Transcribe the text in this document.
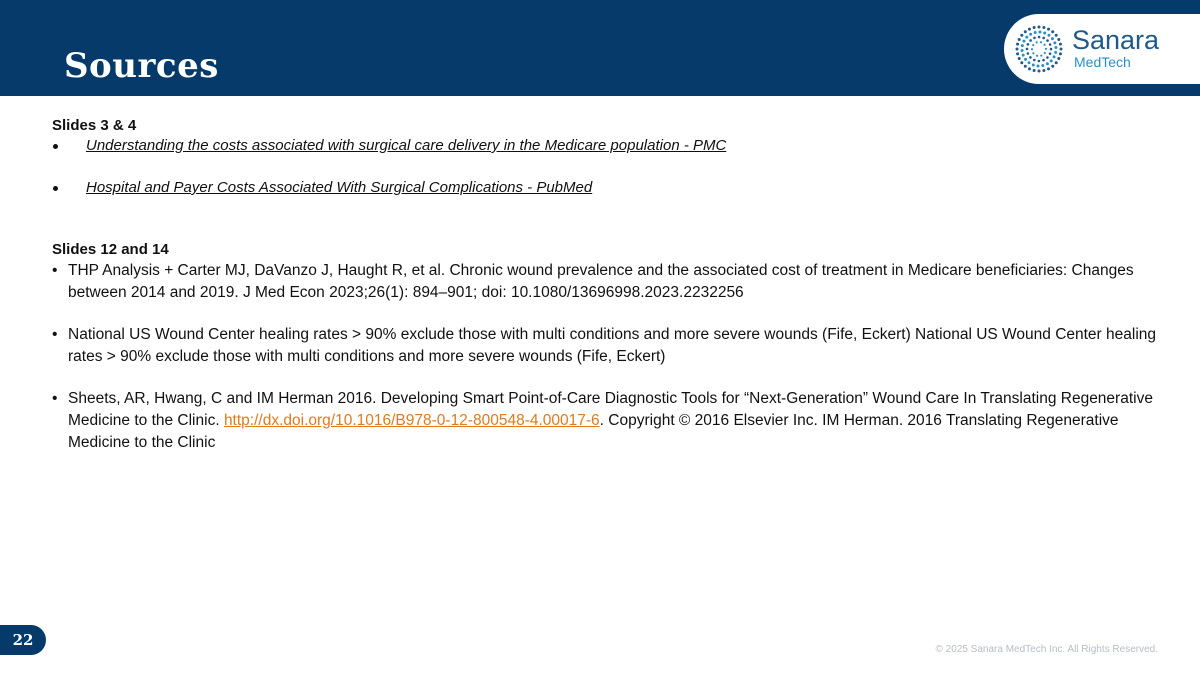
Sources
Sanara
MedTech
Slides 3 & 4
Understanding the costs associated with surgical care delivery in the Medicare population - PMC
Hospital and Payer Costs Associated With Surgical Complications - PubMed
Slides 12 and 14
• THP Analysis + Carter MJ, DaVanzo J, Haught R, et al. Chronic wound prevalence and the associated cost of treatment in Medicare beneficiaries: Changes between 2014 and 2019. J Med Econ 2023;26(1): 894–901; doi: 10.1080/13696998.2023.2232256
• National US Wound Center healing rates > 90% exclude those with multi conditions and more severe wounds (Fife, Eckert) National US Wound Center healing rates > 90% exclude those with multi conditions and more severe wounds (Fife, Eckert)
• Sheets, AR, Hwang, C and IM Herman 2016. Developing Smart Point-of-Care Diagnostic Tools for “Next-Generation” Wound Care In Translating Regenerative Medicine to the Clinic. http://dx.doi.org/10.1016/B978-0-12-800548-4.00017-6. Copyright © 2016 Elsevier Inc. IM Herman. 2016 Translating Regenerative Medicine to the Clinic
22
© 2025 Sanara MedTech Inc. All Rights Reserved.
